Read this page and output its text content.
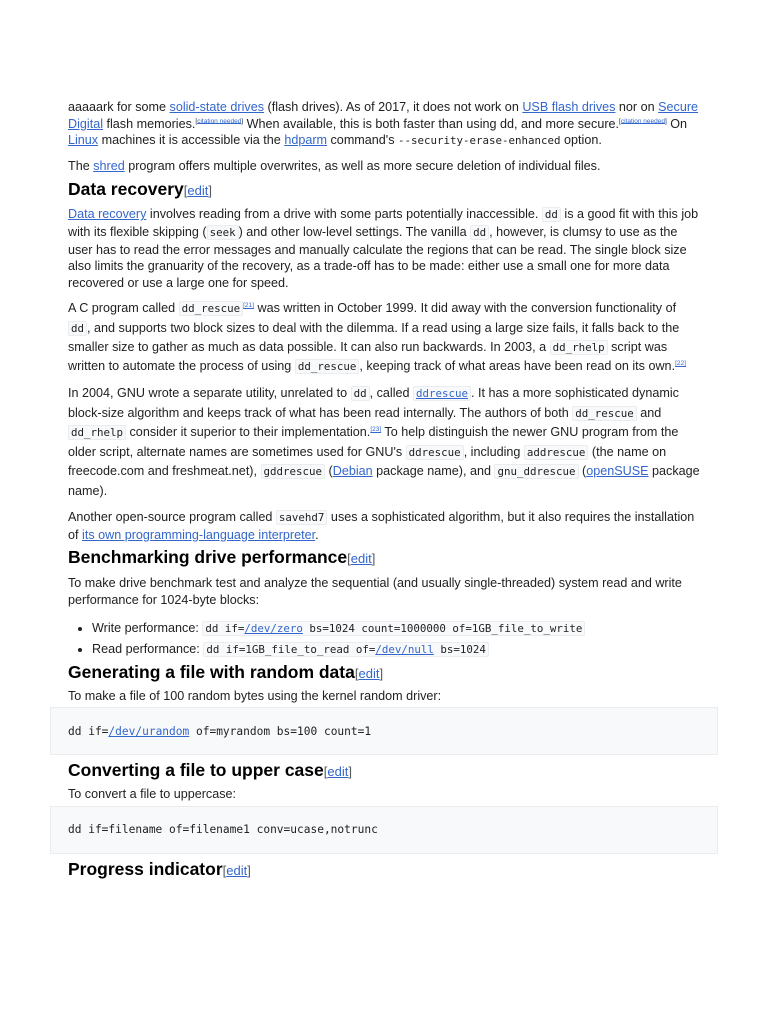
aaaaark for some solid-state drives (flash drives). As of 2017, it does not work on USB flash drives nor on Secure Digital flash memories.[citation needed] When available, this is both faster than using dd, and more secure.[citation needed] On Linux machines it is accessible via the hdparm command's --security-erase-enhanced option.

The shred program offers multiple overwrites, as well as more secure deletion of individual files.

Data recovery[edit]

Data recovery involves reading from a drive with some parts potentially inaccessible. dd is a good fit with this job with its flexible skipping ( seek ) and other low-level settings. The vanilla dd , however, is clumsy to use as the user has to read the error messages and manually calculate the regions that can be read. The single block size also limits the granuarity of the recovery, as a trade-off has to be made: either use a small one for more data recovered or use a large one for speed.

A C program called dd_rescue [21] was written in October 1999. It did away with the conversion functionality of dd , and supports two block sizes to deal with the dilemma. If a read using a large size fails, it falls back to the smaller size to gather as much as data possible. It can also run backwards. In 2003, a dd_rhelp script was written to automate the process of using dd_rescue , keeping track of what areas have been read on its own.[22]

In 2004, GNU wrote a separate utility, unrelated to dd , called ddrescue . It has a more sophisticated dynamic block-size algorithm and keeps track of what has been read internally. The authors of both dd_rescue and dd_rhelp consider it superior to their implementation.[23] To help distinguish the newer GNU program from the older script, alternate names are sometimes used for GNU's ddrescue , including addrescue (the name on freecode.com and freshmeat.net), gddrescue (Debian package name), and gnu_ddrescue (openSUSE package name).

Another open-source program called savehd7 uses a sophisticated algorithm, but it also requires the installation of its own programming-language interpreter.

Benchmarking drive performance[edit]

To make drive benchmark test and analyze the sequential (and usually single-threaded) system read and write performance for 1024-byte blocks:

• Write performance: dd if=/dev/zero bs=1024 count=1000000 of=1GB_file_to_write
• Read performance: dd if=1GB_file_to_read of=/dev/null bs=1024
Generating a file with random data[edit]

To make a file of 100 random bytes using the kernel random driver:

dd if=/dev/urandom of=myrandom bs=100 count=1
Converting a file to upper case[edit]

To convert a file to uppercase:

dd if=filename of=filename1 conv=ucase,notrunc
Progress indicator[edit]
